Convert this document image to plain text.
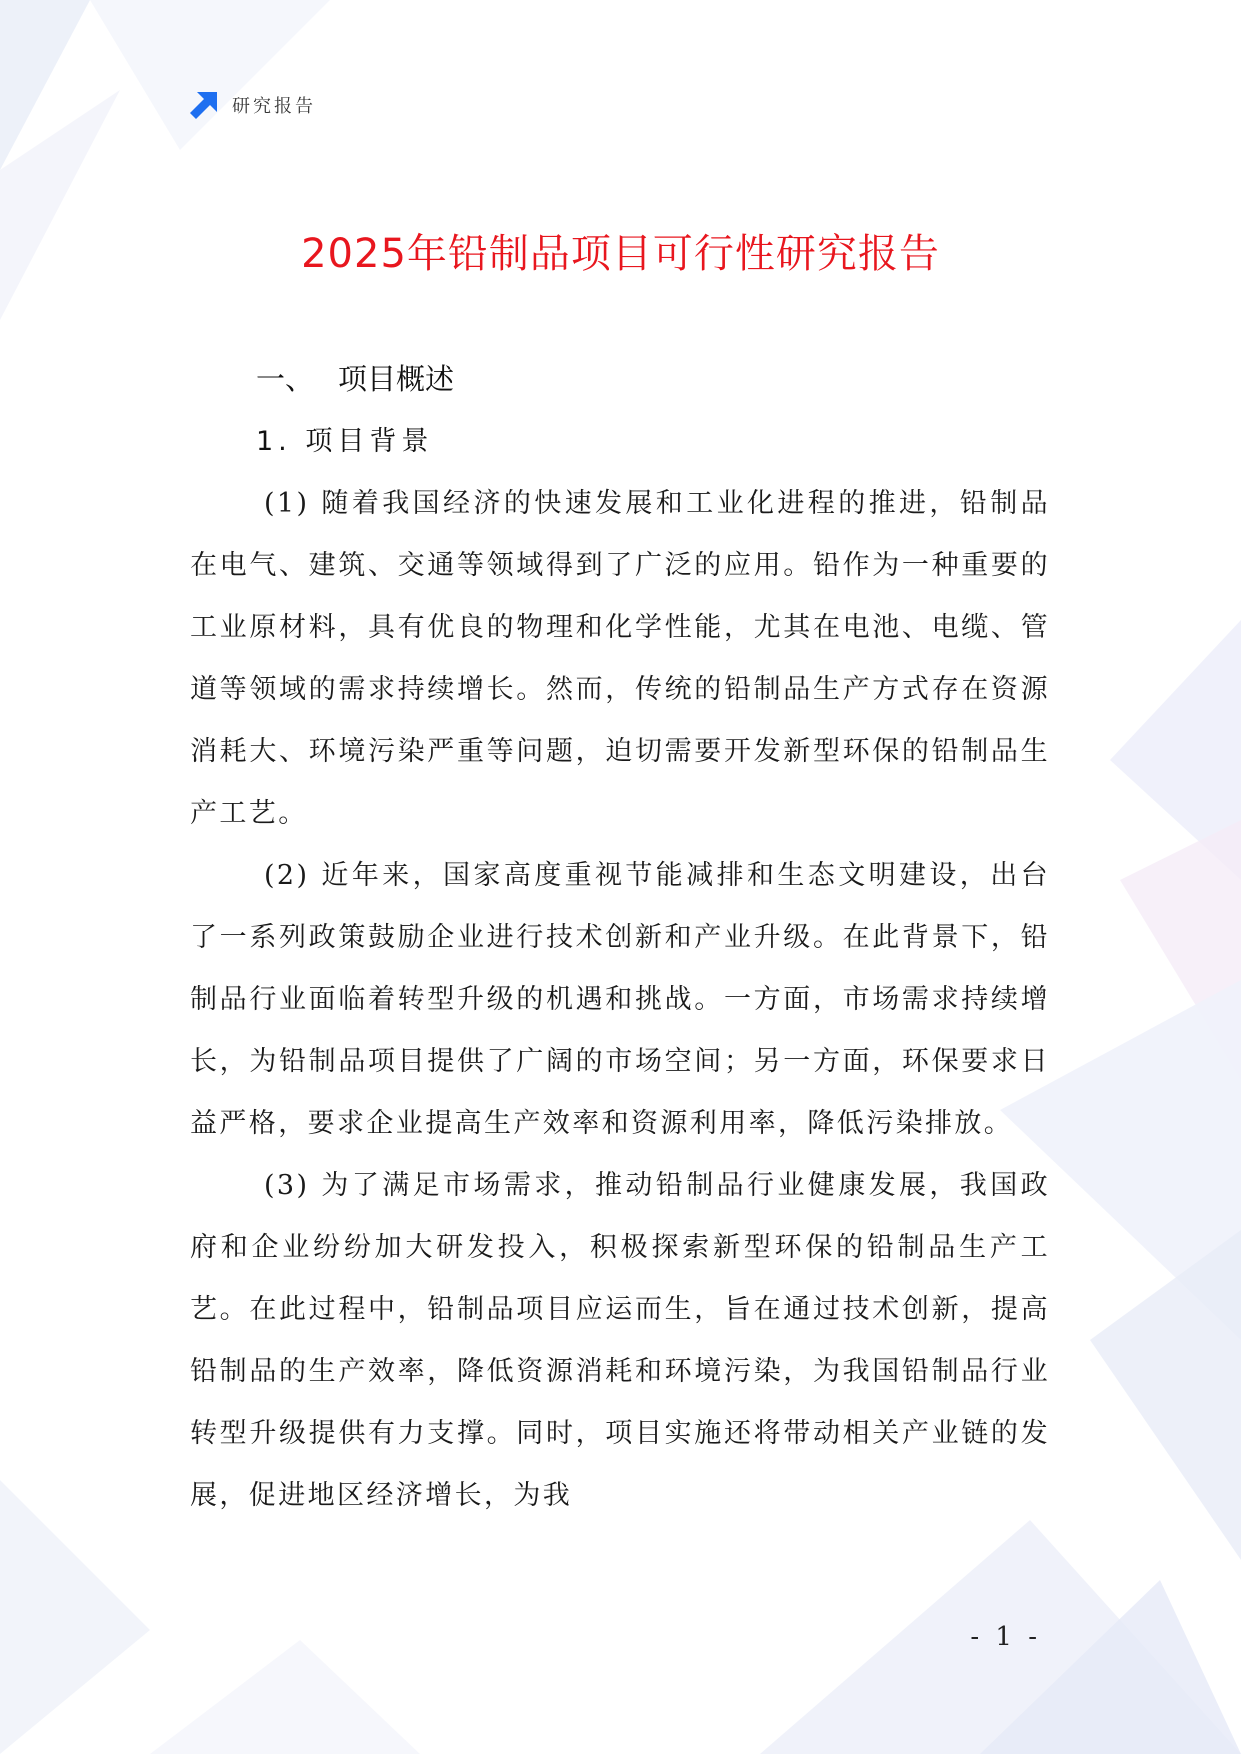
研究报告
2025年铅制品项目可行性研究报告
一、 项目概述
1. 项目背景

(1) 随着我国经济的快速发展和工业化进程的推进，铅制品在电气、建筑、交通等领域得到了广泛的应用。铅作为一种重要的工业原材料，具有优良的物理和化学性能，尤其在电池、电缆、管道等领域的需求持续增长。然而，传统的铅制品生产方式存在资源消耗大、环境污染严重等问题，迫切需要开发新型环保的铅制品生产工艺。

(2) 近年来，国家高度重视节能减排和生态文明建设，出台了一系列政策鼓励企业进行技术创新和产业升级。在此背景下，铅制品行业面临着转型升级的机遇和挑战。一方面，市场需求持续增长，为铅制品项目提供了广阔的市场空间；另一方面，环保要求日益严格，要求企业提高生产效率和资源利用率，降低污染排放。

(3) 为了满足市场需求，推动铅制品行业健康发展，我国政府和企业纷纷加大研发投入，积极探索新型环保的铅制品生产工艺。在此过程中，铅制品项目应运而生，旨在通过技术创新，提高铅制品的生产效率，降低资源消耗和环境污染，为我国铅制品行业转型升级提供有力支撑。同时，项目实施还将带动相关产业链的发展，促进地区经济增长，为我

- 1 -
